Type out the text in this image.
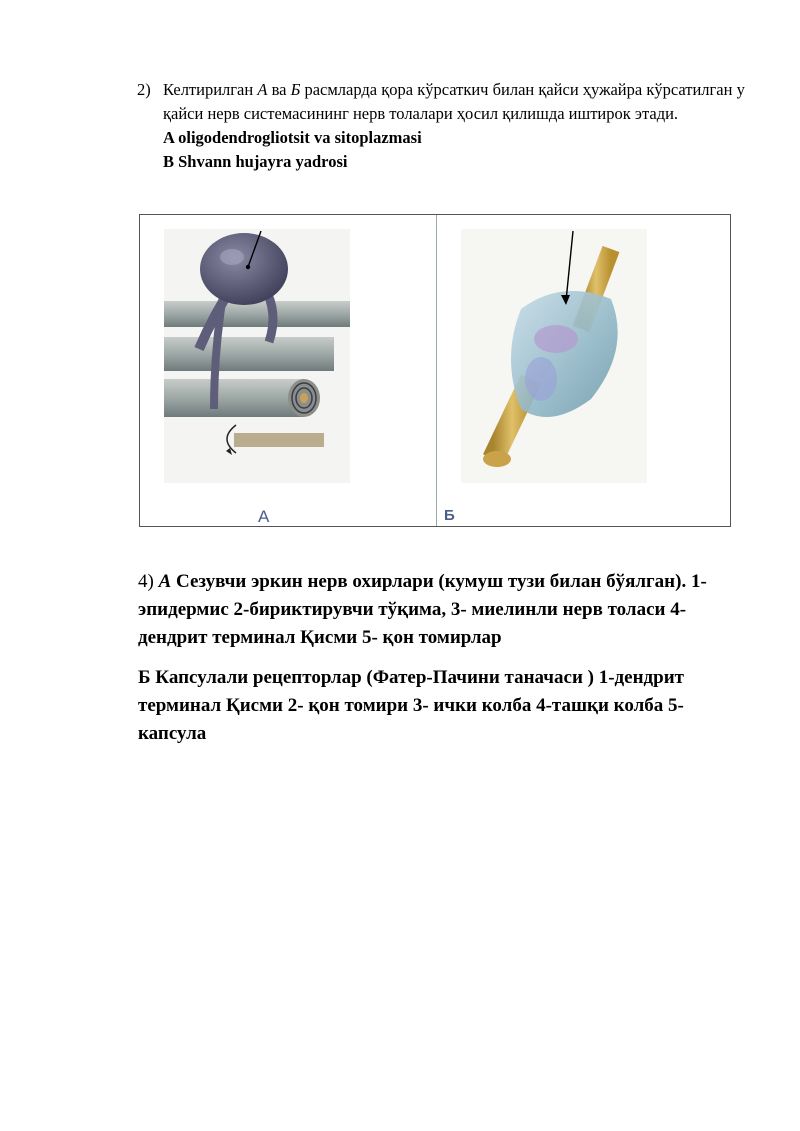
2) Келтирилган А ва Б расмларда қора кўрсаткич билан қайси ҳужайра кўрсатилган у қайси нерв системасининг нерв толалари ҳосил қилишда иштирок этади.
A oligodendrogliotsit va sitoplazmasi
B Shvann hujayra yadrosi
А	Б

4) А Сезувчи эркин нерв охирлари (кумуш тузи билан бўялган). 1-эпидермис 2-бириктирувчи тўқима, 3- миелинли нерв толаси 4- дендрит терминал Қисми 5- қон томирлар

Б Капсулали рецепторлар (Фатер-Пачини таначаси ) 1-дендрит терминал Қисми 2- қон томири 3- ички колба 4-ташқи колба 5- капсула
